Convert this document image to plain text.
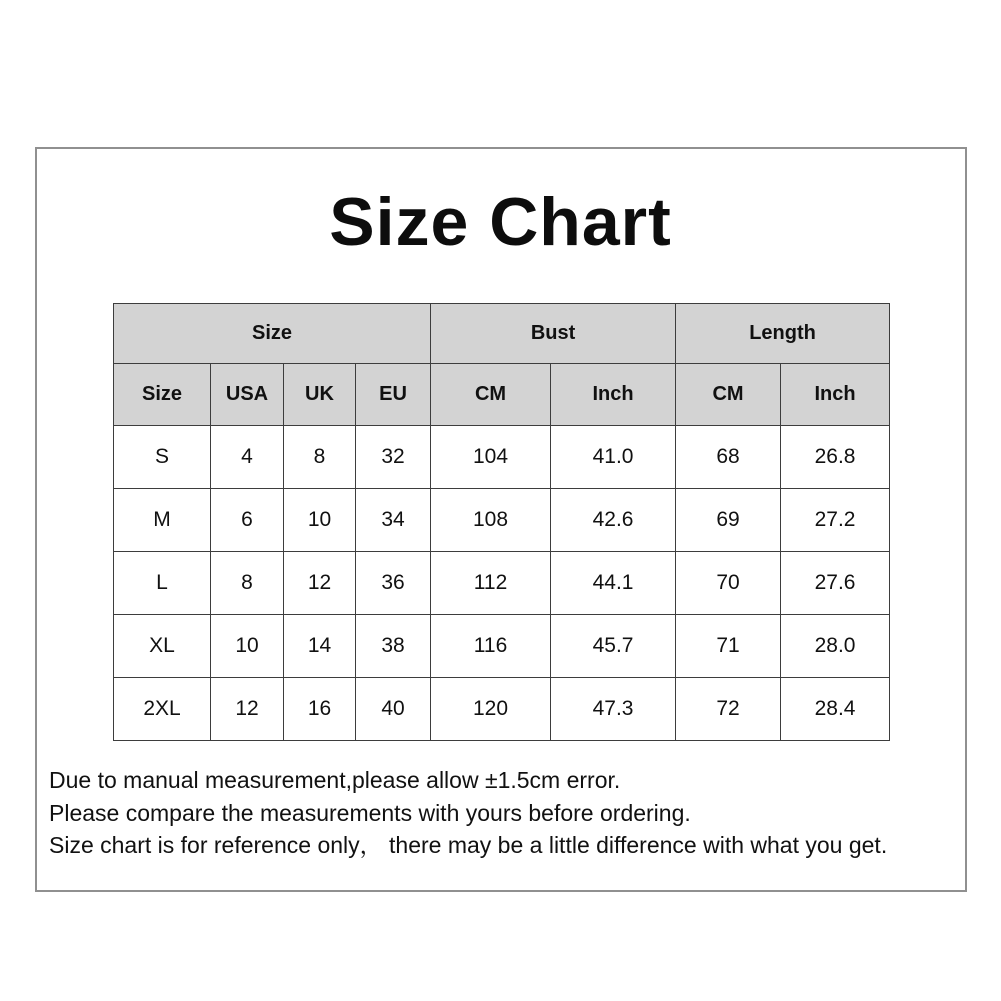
Size Chart
Size				Bust		Length	
Size	USA	UK	EU	CM	Inch	CM	Inch
S	4	8	32	104	41.0	68	26.8
M	6	10	34	108	42.6	69	27.2
L	8	12	36	112	44.1	70	27.6
XL	10	14	38	116	45.7	71	28.0
2XL	12	16	40	120	47.3	72	28.4

Due to manual measurement,please allow ±1.5cm error.

Please compare the measurements with yours before ordering.

Size chart is for reference only， there may be a little difference with what you get.
